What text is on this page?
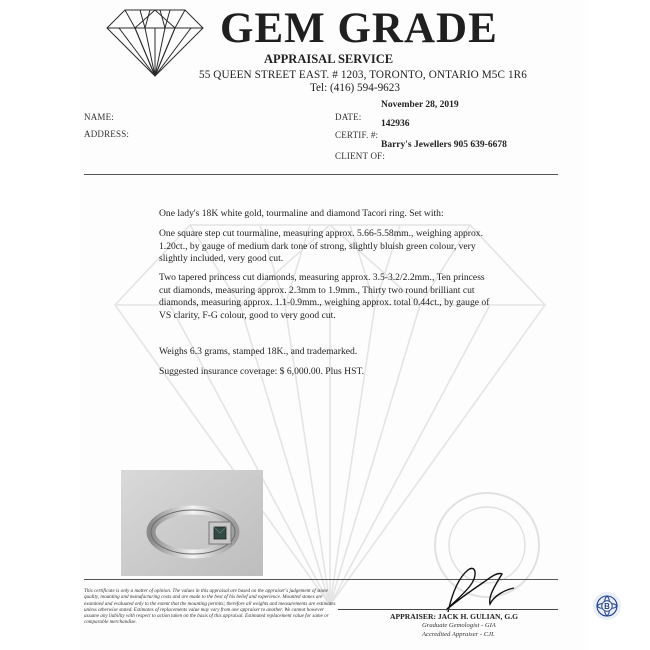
GEM GRADE
APPRAISAL SERVICE
55 QUEEN STREET EAST. # 1203, TORONTO, ONTARIO M5C 1R6
Tel: (416) 594-9623
NAME:
ADDRESS:
November 28, 2019
DATE:
142936
CERTIF. #:
Barry's Jewellers 905 639-6678
CLIENT OF:
One lady's 18K white gold, tourmaline and diamond Tacori ring. Set with:
One square step cut tourmaline, measuring approx. 5.66-5.58mm., weighing approx. 1.20ct., by gauge of medium dark tone of strong, slightly bluish green colour, very slightly included, very good cut.
Two tapered princess cut diamonds, measuring approx. 3.5-3.2/2.2mm., Ten princess cut diamonds, measuring approx. 2.3mm to 1.9mm., Thirty two round brilliant cut diamonds, measuring approx. 1.1-0.9mm., weighing approx. total 0.44ct., by gauge of VS clarity, F-G colour, good to very good cut.
Weighs 6.3 grams, stamped 18K., and trademarked.
Suggested insurance coverage: $ 6,000.00. Plus HST.
This certificate is only a matter of opinion. The values in this appraisal are based on the appraiser's judgement of stone quality, mounting and manufacturing costs and are made to the best of his belief and experience. Mounted stones are examined and evaluated only to the extent that the mounting permits; therefore all weights and measurements are estimates unless otherwise stated. Estimates of replacements value may vary from one appraiser to another. We cannot however assume any liability with respect to action taken on the basis of this appraisal. Estimated replacement value for same or comparable merchandise.
APPRAISER: JACK H. GULIAN, G.G
Graduate Gemologist - GIA
Accredited Appraiser - CJI.
B
